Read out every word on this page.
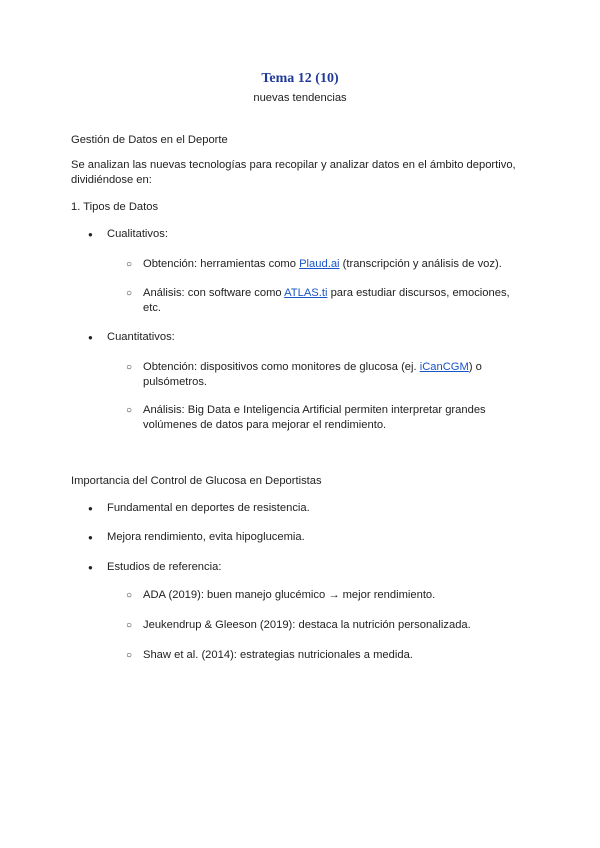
Tema 12 (10)
nuevas tendencias
Gestión de Datos en el Deporte
Se analizan las nuevas tecnologías para recopilar y analizar datos en el ámbito deportivo, dividiéndose en:
1. Tipos de Datos
●	Cualitativos:
○ Obtención: herramientas como Plaud.ai (transcripción y análisis de voz).
○ Análisis: con software como ATLAS.ti para estudiar discursos, emociones, etc.
●	Cuantitativos:
○ Obtención: dispositivos como monitores de glucosa (ej. iCanCGM) o pulsómetros.
○ Análisis: Big Data e Inteligencia Artificial permiten interpretar grandes volúmenes de datos para mejorar el rendimiento.
Importancia del Control de Glucosa en Deportistas
●	Fundamental en deportes de resistencia.
●	Mejora rendimiento, evita hipoglucemia.
●	Estudios de referencia:
○ ADA (2019): buen manejo glucémico → mejor rendimiento.
○ Jeukendrup & Gleeson (2019): destaca la nutrición personalizada.
○ Shaw et al. (2014): estrategias nutricionales a medida.
